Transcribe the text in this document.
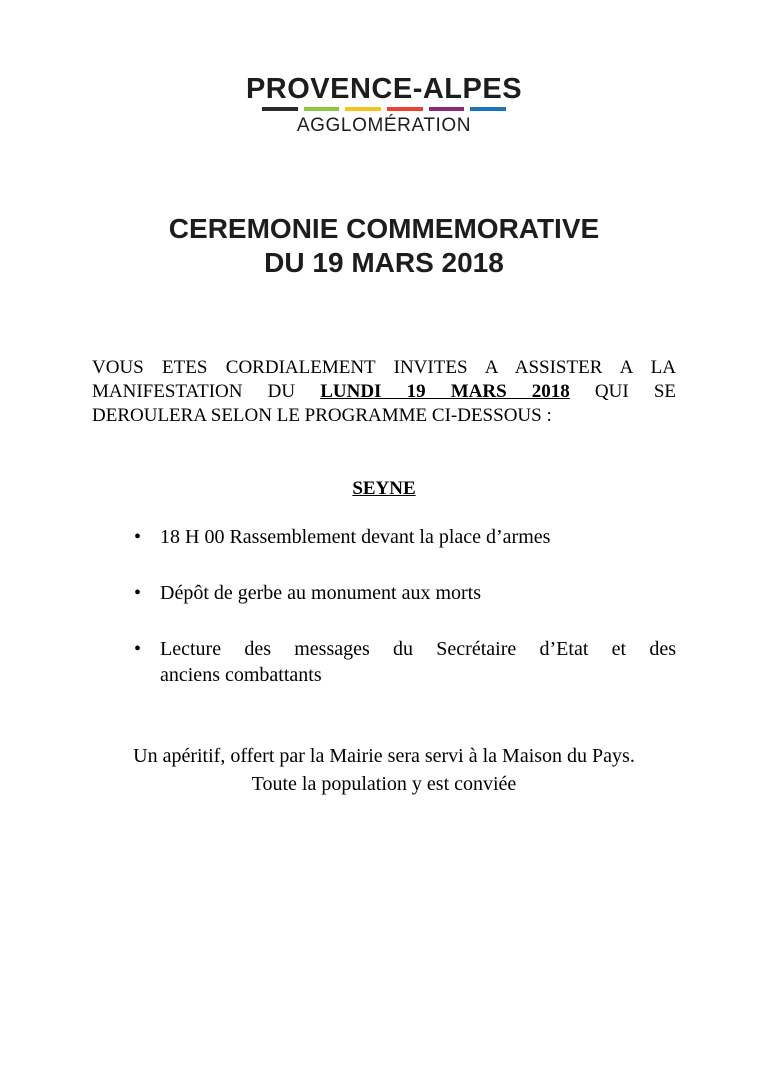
PROVENCE-ALPES
AGGLOMÉRATION
CEREMONIE COMMEMORATIVE
DU 19 MARS 2018
VOUS ETES CORDIALEMENT INVITES A ASSISTER A LA
MANIFESTATION DU LUNDI 19 MARS 2018 QUI SE
DEROULERA SELON LE PROGRAMME CI-DESSOUS :
SEYNE
• 18 H 00 Rassemblement devant la place d’armes
• Dépôt de gerbe au monument aux morts
• Lecture des messages du Secrétaire d’Etat et des
anciens combattants
Un apéritif, offert par la Mairie sera servi à la Maison du Pays.
Toute la population y est conviée
